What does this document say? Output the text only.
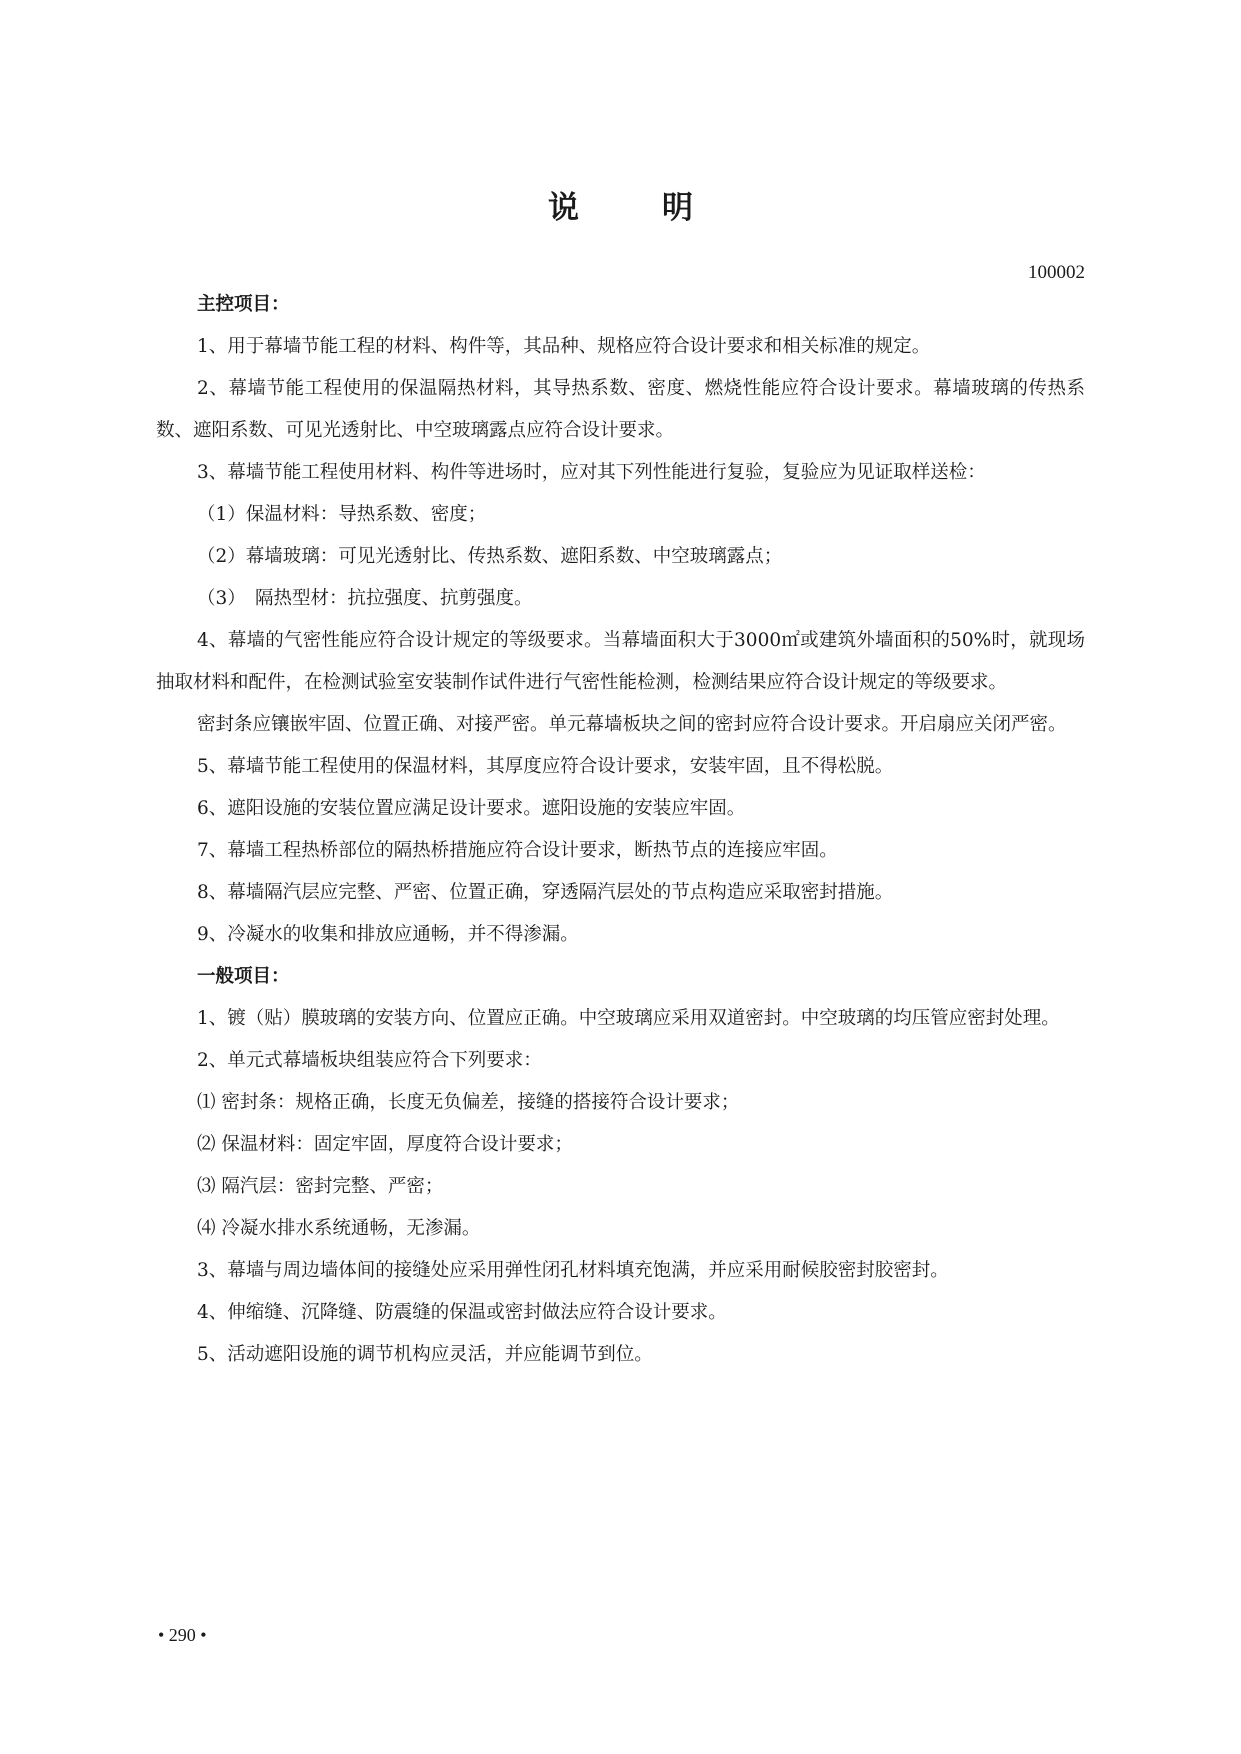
说　明
100002

主控项目：

1、用于幕墙节能工程的材料、构件等，其品种、规格应符合设计要求和相关标准的规定。

2、幕墙节能工程使用的保温隔热材料，其导热系数、密度、燃烧性能应符合设计要求。幕墙玻璃的传热系数、遮阳系数、可见光透射比、中空玻璃露点应符合设计要求。

3、幕墙节能工程使用材料、构件等进场时，应对其下列性能进行复验，复验应为见证取样送检：

（1）保温材料：导热系数、密度；

（2）幕墙玻璃：可见光透射比、传热系数、遮阳系数、中空玻璃露点；

（3）　隔热型材：抗拉强度、抗剪强度。

4、幕墙的气密性能应符合设计规定的等级要求。当幕墙面积大于3000㎡或建筑外墙面积的50%时，就现场抽取材料和配件，在检测试验室安装制作试件进行气密性能检测，检测结果应符合设计规定的等级要求。

密封条应镶嵌牢固、位置正确、对接严密。单元幕墙板块之间的密封应符合设计要求。开启扇应关闭严密。

5、幕墙节能工程使用的保温材料，其厚度应符合设计要求，安装牢固，且不得松脱。

6、遮阳设施的安装位置应满足设计要求。遮阳设施的安装应牢固。

7、幕墙工程热桥部位的隔热桥措施应符合设计要求，断热节点的连接应牢固。

8、幕墙隔汽层应完整、严密、位置正确，穿透隔汽层处的节点构造应采取密封措施。

9、冷凝水的收集和排放应通畅，并不得渗漏。

一般项目：

1、镀（贴）膜玻璃的安装方向、位置应正确。中空玻璃应采用双道密封。中空玻璃的均压管应密封处理。

2、单元式幕墙板块组装应符合下列要求：

⑴ 密封条：规格正确，长度无负偏差，接缝的搭接符合设计要求；

⑵ 保温材料：固定牢固，厚度符合设计要求；

⑶ 隔汽层：密封完整、严密；

⑷ 冷凝水排水系统通畅，无渗漏。

3、幕墙与周边墙体间的接缝处应采用弹性闭孔材料填充饱满，并应采用耐候胶密封胶密封。

4、伸缩缝、沉降缝、防震缝的保温或密封做法应符合设计要求。

5、活动遮阳设施的调节机构应灵活，并应能调节到位。

• 290 •
